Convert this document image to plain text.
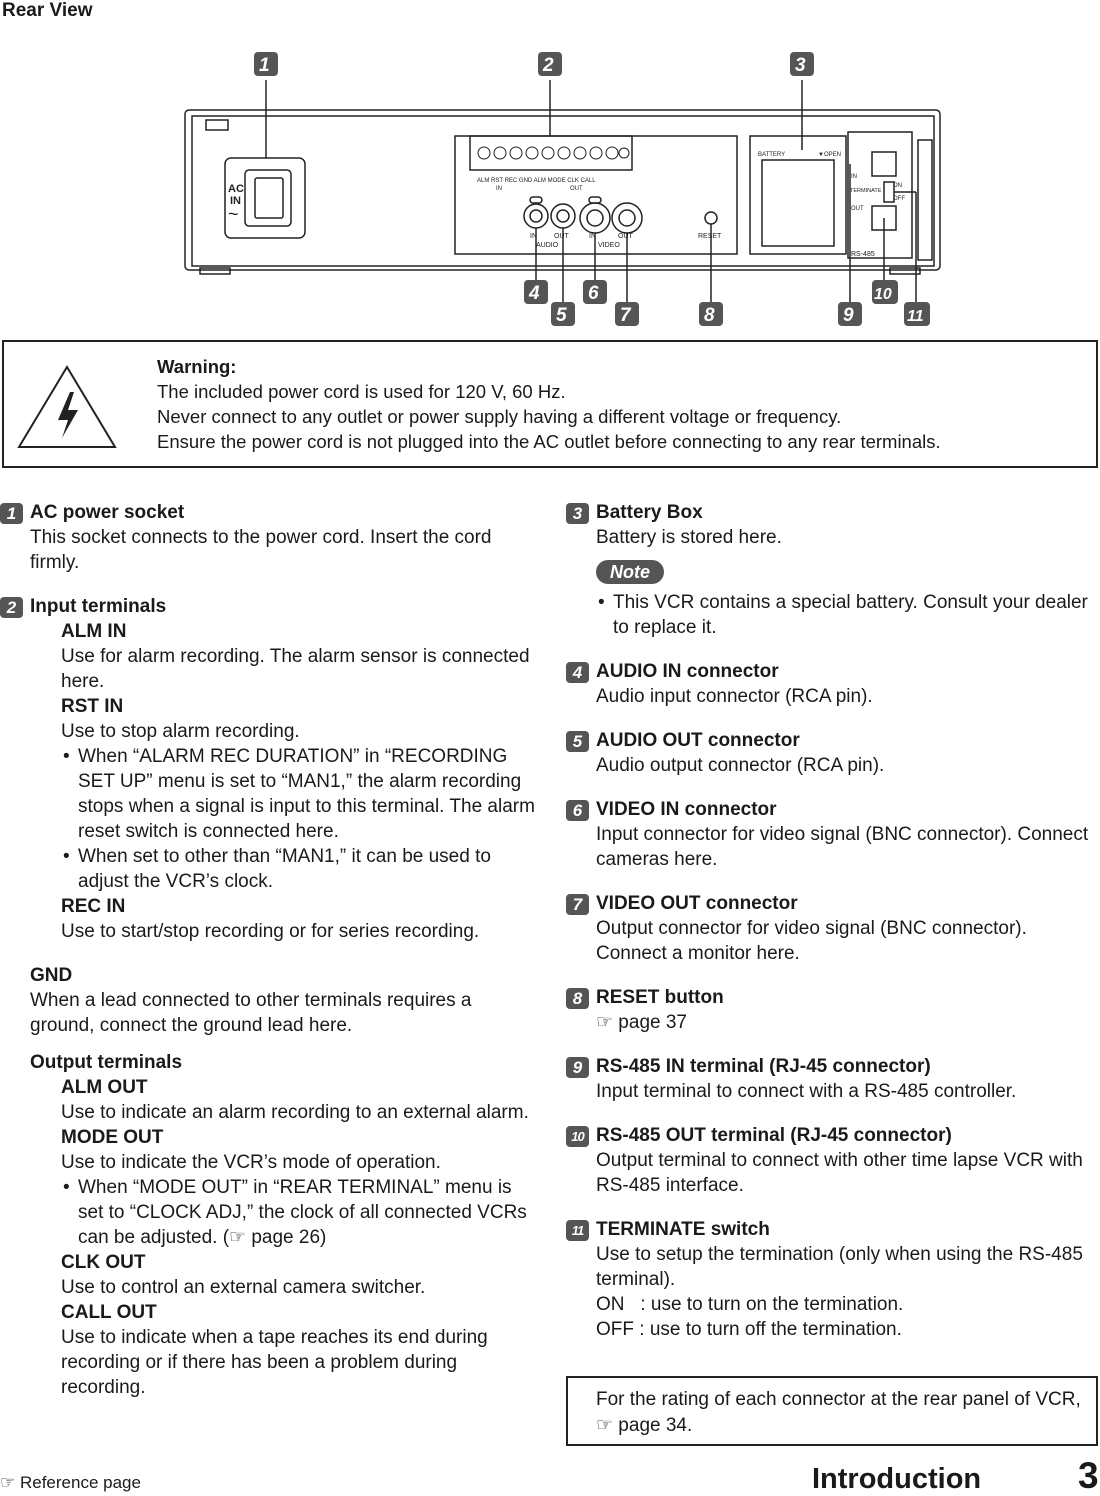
Rear View
AC
IN
~
ALM RST REC GND ALM MODE CLK CALL
IN	OUT
IN OUT	IN	OUT
AUDIO	VIDEO
RESET
BATTERY	▼OPEN
IN
TERMINATE
ON
OFF
OUT
RS-485
1	2	3
4
5
6
7	8	9
10
11
Warning:
The included power cord is used for 120 V, 60 Hz.
Never connect to any outlet or power supply having a different voltage or frequency.
Ensure the power cord is not plugged into the AC outlet before connecting to any rear terminals.
1 AC power socket
This socket connects to the power cord. Insert the cord firmly.
2 Input terminals
ALM IN
Use for alarm recording. The alarm sensor is connected here.
RST IN
Use to stop alarm recording.
• When “ALARM REC DURATION” in “RECORDING SET UP” menu is set to “MAN1,” the alarm recording stops when a signal is input to this terminal. The alarm reset switch is connected here.
• When set to other than “MAN1,” it can be used to adjust the VCR’s clock.
REC IN
Use to start/stop recording or for series recording.
GND
When a lead connected to other terminals requires a ground, connect the ground lead here.
Output terminals
ALM OUT
Use to indicate an alarm recording to an external alarm.
MODE OUT
Use to indicate the VCR’s mode of operation.
• When “MODE OUT” in “REAR TERMINAL” menu is set to “CLOCK ADJ,” the clock of all connected VCRs can be adjusted. (☞ page 26)
CLK OUT
Use to control an external camera switcher.
CALL OUT
Use to indicate when a tape reaches its end during recording or if there has been a problem during recording.
3 Battery Box
Battery is stored here.
Note
• This VCR contains a special battery. Consult your dealer to replace it.
4 AUDIO IN connector
Audio input connector (RCA pin).
5 AUDIO OUT connector
Audio output connector (RCA pin).
6 VIDEO IN connector
Input connector for video signal (BNC connector). Connect cameras here.
7 VIDEO OUT connector
Output connector for video signal (BNC connector). Connect a monitor here.
8 RESET button
☞ page 37
9 RS-485 IN terminal (RJ-45 connector)
Input terminal to connect with a RS-485 controller.
10 RS-485 OUT terminal (RJ-45 connector)
Output terminal to connect with other time lapse VCR with RS-485 interface.
11 TERMINATE switch
Use to setup the termination (only when using the RS-485 terminal).
ON   : use to turn on the termination.
OFF : use to turn off the termination.
For the rating of each connector at the rear panel of VCR, ☞ page 34.
☞ Reference page	Introduction	3
